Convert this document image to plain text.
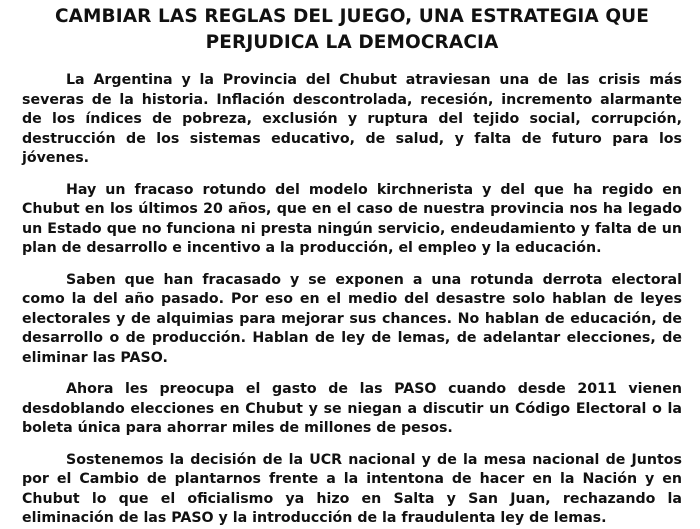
CAMBIAR LAS REGLAS DEL JUEGO, UNA ESTRATEGIA QUE
PERJUDICA LA DEMOCRACIA

La Argentina y la Provincia del Chubut atraviesan una de las crisis más severas de la historia. Inflación descontrolada, recesión, incremento alarmante de los índices de pobreza, exclusión y ruptura del tejido social, corrupción, destrucción de los sistemas educativo, de salud, y falta de futuro para los jóvenes.

Hay un fracaso rotundo del modelo kirchnerista y del que ha regido en Chubut en los últimos 20 años, que en el caso de nuestra provincia nos ha legado un Estado que no funciona ni presta ningún servicio, endeudamiento y falta de un plan de desarrollo e incentivo a la producción, el empleo y la educación.

Saben que han fracasado y se exponen a una rotunda derrota electoral como la del año pasado. Por eso en el medio del desastre solo hablan de leyes electorales y de alquimias para mejorar sus chances. No hablan de educación, de desarrollo o de producción. Hablan de ley de lemas, de adelantar elecciones, de eliminar las PASO.

Ahora les preocupa el gasto de las PASO cuando desde 2011 vienen desdoblando elecciones en Chubut y se niegan a discutir un Código Electoral o la boleta única para ahorrar miles de millones de pesos.

Sostenemos la decisión de la UCR nacional y de la mesa nacional de Juntos por el Cambio de plantarnos frente a la intentona de hacer en la Nación y en Chubut lo que el oficialismo ya hizo en Salta y San Juan, rechazando la eliminación de las PASO y la introducción de la fraudulenta ley de lemas.
